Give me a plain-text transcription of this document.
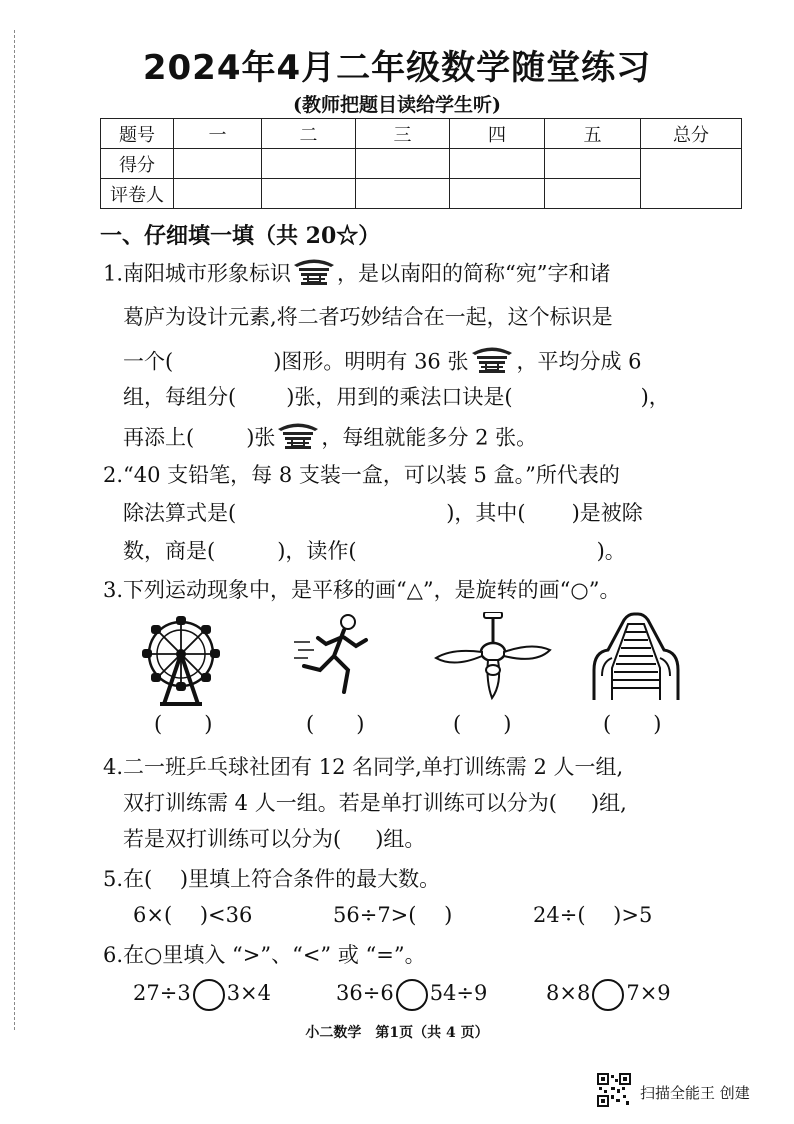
2024年4月二年级数学随堂练习
(教师把题目读给学生听)
题号	一	二	三	四	五	总分
得分						
评卷人						
一、仔细填一填（共 20☆）
1.南阳城市形象标识 ，是以南阳的简称“宛”字和诸
葛庐为设计元素,将二者巧妙结合在一起，这个标识是
一个(	)图形。明明有 36 张 ，平均分成 6
组，每组分( )张，用到的乘法口诀是(	)，
再添上( )张 ，每组就能多分 2 张。
2.“40 支铅笔，每 8 支装一盒，可以装 5 盒。”所代表的
除法算式是(	)，其中( )是被除
数，商是(	)，读作(	)。
3.下列运动现象中，是平移的画“△”，是旋转的画“○”。
(　　)	(　　)	(　　)	(　　)
4.二一班乒乓球社团有 12 名同学,单打训练需 2 人一组,
双打训练需 4 人一组。若是单打训练可以分为( )组,
若是双打训练可以分为( )组。
5.在(　 )里填上符合条件的最大数。
6×(　 )<36	56÷7>(　 )	24÷(　 )>5
6.在○里填入 “>”、“<” 或 “=”。
27÷3 3×4	36÷6 54÷9	8×8 7×9
小二数学　第1页（共 4 页）
扫描全能王 创建
